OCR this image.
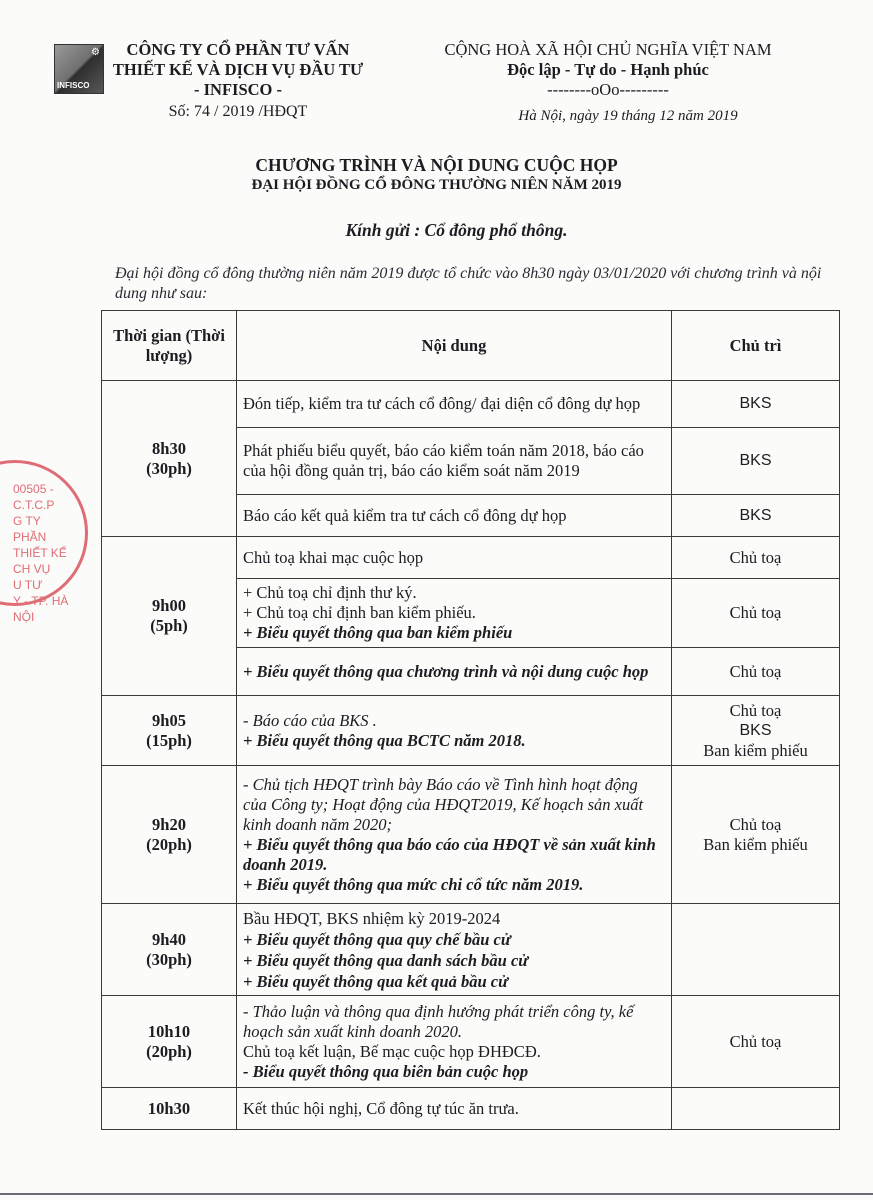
⚙
INFISCO
CÔNG TY CỔ PHẦN TƯ VẤN
THIẾT KẾ VÀ DỊCH VỤ ĐẦU TƯ
- INFISCO -
Số: 74 / 2019 /HĐQT
CỘNG HOÀ XÃ HỘI CHỦ NGHĨA VIỆT NAM
Độc lập - Tự do - Hạnh phúc
--------oOo---------
Hà Nội, ngày 19 tháng 12 năm 2019
CHƯƠNG TRÌNH VÀ NỘI DUNG CUỘC HỌP
ĐẠI HỘI ĐỒNG CỔ ĐÔNG THƯỜNG NIÊN NĂM 2019
Kính gửi : Cổ đông phổ thông.
Đại hội đồng cổ đông thường niên năm 2019 được tổ chức vào 8h30 ngày 03/01/2020 với chương trình và nội dung như sau:
Thời gian (Thời lượng)	Nội dung	Chủ trì

8h30
(30ph)	Đón tiếp, kiểm tra tư cách cổ đông/ đại diện cổ đông dự họp	BKS
	Phát phiếu biểu quyết, báo cáo kiểm toán năm 2018, báo cáo của hội đồng quản trị, báo cáo kiểm soát năm 2019	BKS
	Báo cáo kết quả kiểm tra tư cách cổ đông dự họp	BKS

9h00
(5ph)	Chủ toạ khai mạc cuộc họp	Chủ toạ

	+ Chủ toạ chỉ định thư ký.
+ Chủ toạ chỉ định ban kiểm phiếu.
+ Biểu quyết thông qua ban kiểm phiếu	Chủ toạ
	+ Biểu quyết thông qua chương trình và nội dung cuộc họp	Chủ toạ

9h05
(15ph)	- Báo cáo của BKS .
+ Biểu quyết thông qua BCTC năm 2018.	Chủ toạ
BKS
Ban kiểm phiếu

9h20
(20ph)	- Chủ tịch HĐQT trình bày Báo cáo về Tình hình hoạt động của Công ty; Hoạt động của HĐQT2019, Kế hoạch sản xuất kinh doanh năm 2020;
+ Biểu quyết thông qua báo cáo của HĐQT về sản xuất kinh doanh 2019.
+ Biểu quyết thông qua mức chi cổ tức năm 2019.	Chủ toạ
Ban kiểm phiếu

9h40
(30ph)	Bầu HĐQT, BKS nhiệm kỳ 2019-2024
+ Biểu quyết thông qua quy chế bầu cử
+ Biểu quyết thông qua danh sách bầu cử
+ Biểu quyết thông qua kết quả bầu cử	

10h10
(20ph)	- Thảo luận và thông qua định hướng phát triển công ty, kế hoạch sản xuất kinh doanh 2020.
Chủ toạ kết luận, Bế mạc cuộc họp ĐHĐCĐ.
- Biểu quyết thông qua biên bản cuộc họp	Chủ toạ

10h30	Kết thúc hội nghị, Cổ đông tự túc ăn trưa.	
00505 - C.T.C.P
G TY
PHẦN
THIẾT KẾ
CH VỤ
U TƯ
Y - TP. HÀ NỘI
